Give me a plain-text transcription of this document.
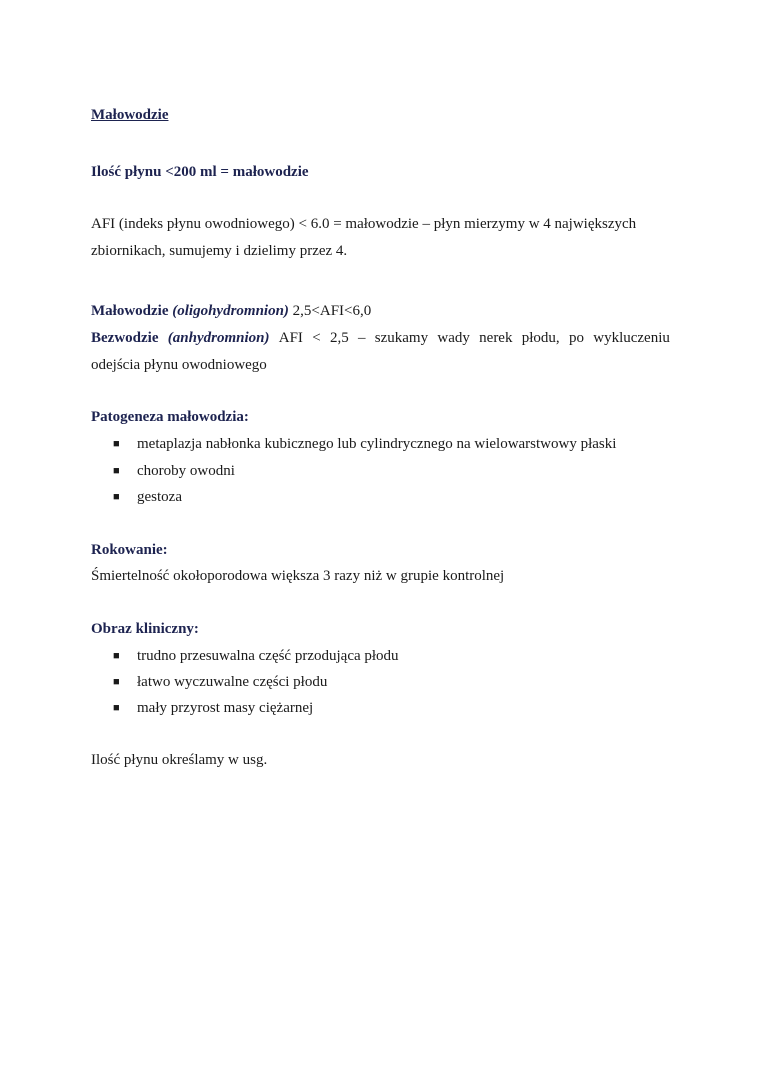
Małowodzie
Ilość płynu <200 ml = małowodzie
AFI (indeks płynu owodniowego) < 6.0 = małowodzie – płyn mierzymy w 4 największych
zbiornikach, sumujemy i dzielimy przez 4.
Małowodzie (oligohydromnion) 2,5<AFI<6,0
Bezwodzie (anhydromnion) AFI < 2,5 – szukamy wady nerek płodu, po wykluczeniu
odejścia płynu owodniowego
Patogeneza małowodzia:
■ metaplazja nabłonka kubicznego lub cylindrycznego na wielowarstwowy płaski
■ choroby owodni
■ gestoza
Rokowanie:
Śmiertelność okołoporodowa większa 3 razy niż w grupie kontrolnej
Obraz kliniczny:
■ trudno przesuwalna część przodująca płodu
■ łatwo wyczuwalne części płodu
■ mały przyrost masy ciężarnej
Ilość płynu określamy w usg.
